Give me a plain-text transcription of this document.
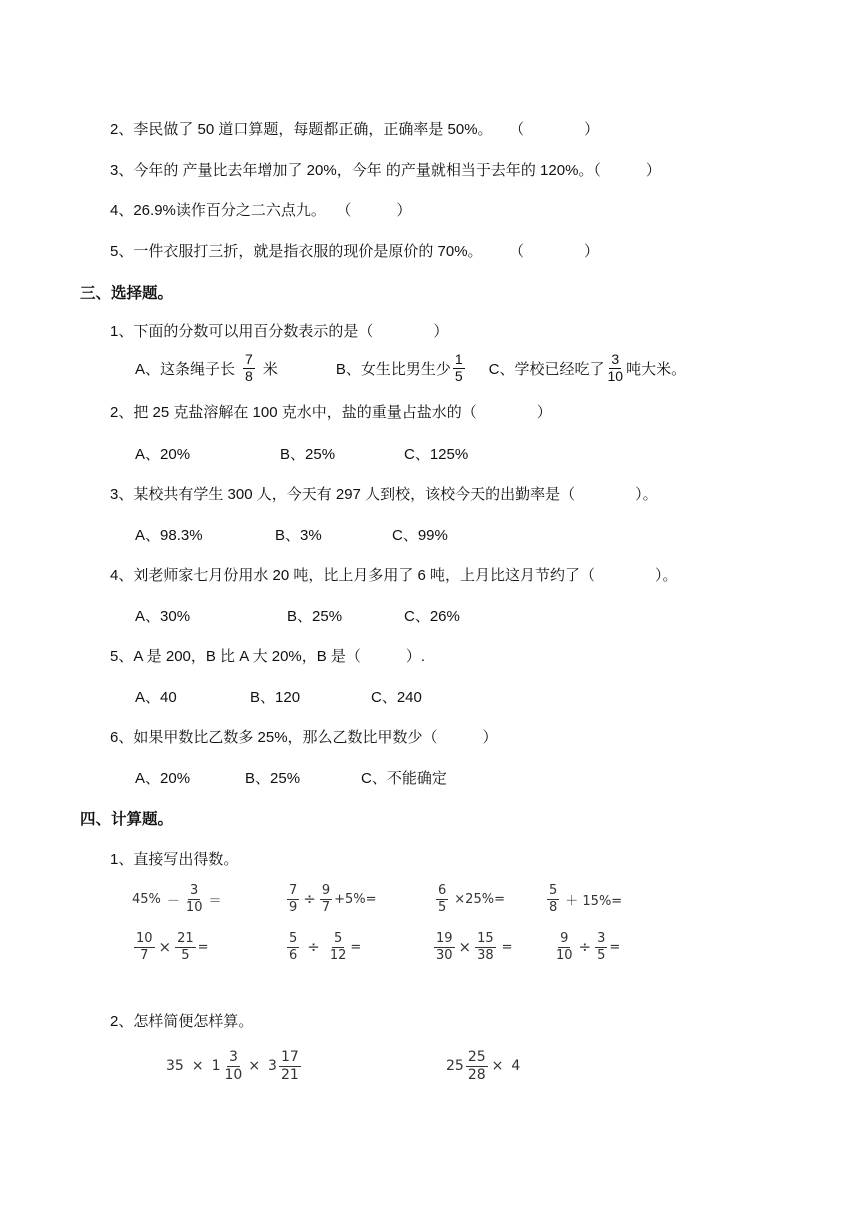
2、李民做了 50 道口算题，每题都正确，正确率是 50%。 （　　　　）
3、今年的 产量比去年增加了 20%，今年 的产量就相当于去年的 120%。（　　　）
4、26.9%读作百分之二六点九。 （　　　）
5、一件衣服打三折，就是指衣服的现价是原价的 70%。 （　　　　）
三、选择题。
1、下面的分数可以用百分数表示的是（　　　　）
A、这条绳子长 $\frac{7}{8}$ 米	B、女生比男生少 $\frac{1}{5}$ C、学校已经吃了 $\frac{3}{10}$ 吨大米。
2、把 25 克盐溶解在 100 克水中，盐的重量占盐水的（　　　　）
A、20%	B、25%	C、125%
3、某校共有学生 300 人，今天有 297 人到校，该校今天的出勤率是（　　　　）。
A、98.3%	B、3%	C、99%
4、刘老师家七月份用水 20 吨，比上月多用了 6 吨，上月比这月节约了（　　　　）。
A、30%	B、25%	C、26%
5、A 是 200，B 比 A 大 20%，B 是（　　　）.
A、40	B、120	C、240
6、如果甲数比乙数多 25%，那么乙数比甲数少（　　　）
A、20%	B、25%	C、不能确定
四、计算题。
1、直接写出得数。
$45\% - \frac{3}{10}$ ＝	$\frac{7}{9} \div \frac{9}{7} +5\%=$	$\frac{6}{5} \times 25\%=$	$\frac{5}{8} + 15\%=$
$\frac{10}{7} \times \frac{21}{5}$ =	$\frac{5}{6} \div \frac{5}{12}$ =	$\frac{19}{30} \times \frac{15}{38}$ =	$\frac{9}{10} \div \frac{3}{5}$ =
2、怎样简便怎样算。
$35 \times 1 \frac{3}{10} \times 3 \frac{17}{21}$	$25 \frac{25}{28} \times 4$
